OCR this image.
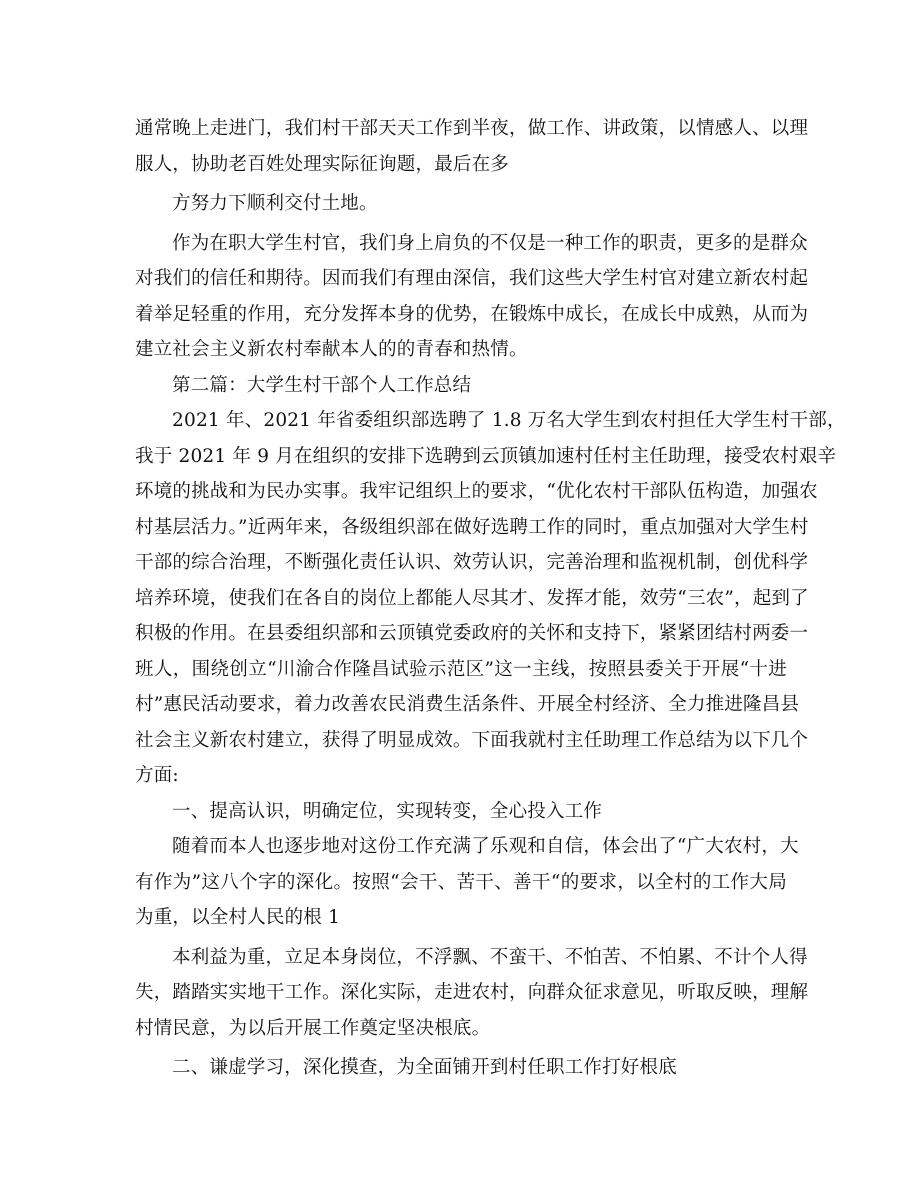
通常晚上走进门，我们村干部天天工作到半夜，做工作、讲政策，以情感人、以理
服人，协助老百姓处理实际征询题，最后在多
方努力下顺利交付土地。
作为在职大学生村官，我们身上肩负的不仅是一种工作的职责，更多的是群众
对我们的信任和期待。因而我们有理由深信，我们这些大学生村官对建立新农村起
着举足轻重的作用，充分发挥本身的优势，在锻炼中成长，在成长中成熟，从而为
建立社会主义新农村奉献本人的的青春和热情。
第二篇：大学生村干部个人工作总结
2021 年、2021 年省委组织部选聘了 1.8 万名大学生到农村担任大学生村干部，
我于 2021 年 9 月在组织的安排下选聘到云顶镇加速村任村主任助理，接受农村艰辛
环境的挑战和为民办实事。我牢记组织上的要求，“优化农村干部队伍构造，加强农
村基层活力。”近两年来，各级组织部在做好选聘工作的同时，重点加强对大学生村
干部的综合治理，不断强化责任认识、效劳认识，完善治理和监视机制，创优科学
培养环境，使我们在各自的岗位上都能人尽其才、发挥才能，效劳“三农”，起到了
积极的作用。在县委组织部和云顶镇党委政府的关怀和支持下，紧紧团结村两委一
班人，围绕创立“川渝合作隆昌试验示范区”这一主线，按照县委关于开展“十进
村”惠民活动要求，着力改善农民消费生活条件、开展全村经济、全力推进隆昌县
社会主义新农村建立，获得了明显成效。下面我就村主任助理工作总结为以下几个
方面:
一、提高认识，明确定位，实现转变，全心投入工作
随着而本人也逐步地对这份工作充满了乐观和自信，体会出了“广大农村，大
有作为”这八个字的深化。按照“会干、苦干、善干“的要求，以全村的工作大局
为重，以全村人民的根 1
本利益为重，立足本身岗位，不浮飘、不蛮干、不怕苦、不怕累、不计个人得
失，踏踏实实地干工作。深化实际，走进农村，向群众征求意见，听取反映，理解
村情民意，为以后开展工作奠定坚决根底。
二、谦虚学习，深化摸查，为全面铺开到村任职工作打好根底
